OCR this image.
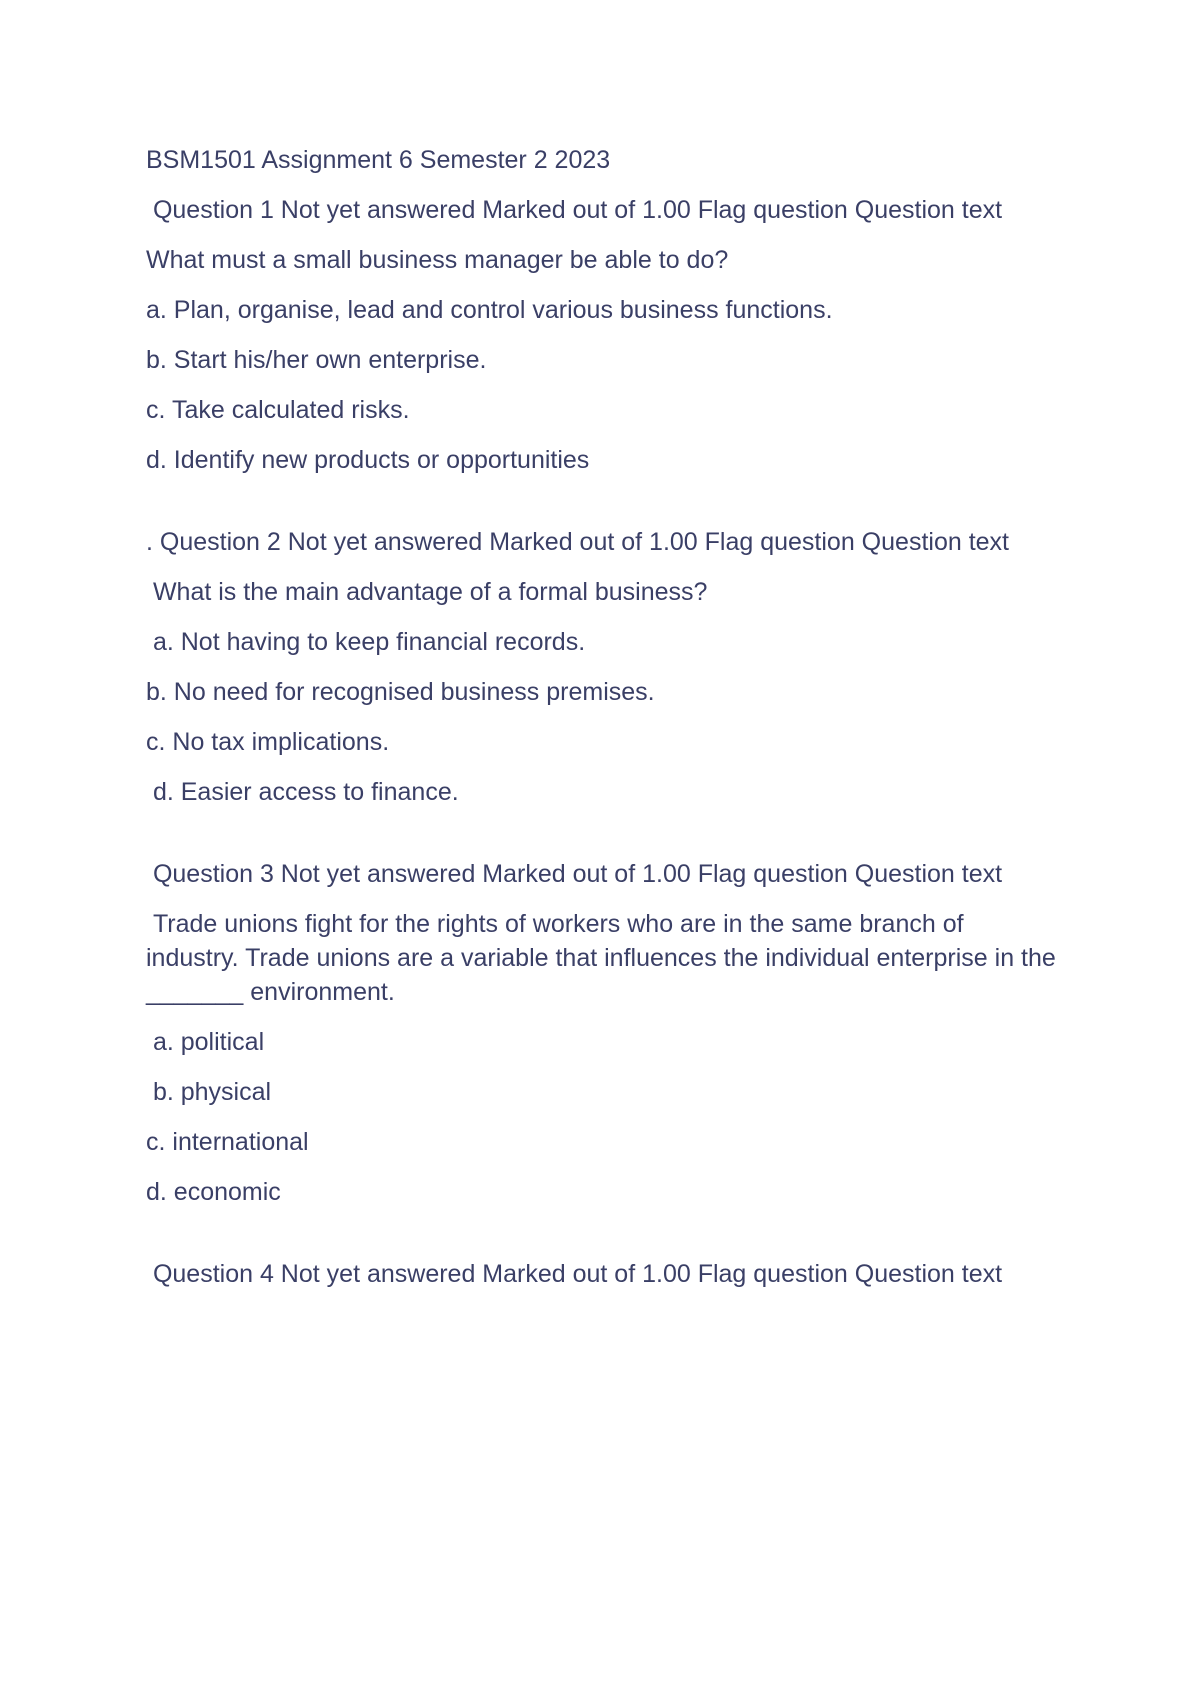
BSM1501 Assignment 6 Semester 2 2023

Question 1 Not yet answered Marked out of 1.00 Flag question Question text

What must a small business manager be able to do?

a. Plan, organise, lead and control various business functions.

b. Start his/her own enterprise.

c. Take calculated risks.

d. Identify new products or opportunities

. Question 2 Not yet answered Marked out of 1.00 Flag question Question text

What is the main advantage of a formal business?

a. Not having to keep financial records.

b. No need for recognised business premises.

c. No tax implications.

d. Easier access to finance.

Question 3 Not yet answered Marked out of 1.00 Flag question Question text

Trade unions fight for the rights of workers who are in the same branch of industry. Trade unions are a variable that influences the individual enterprise in the _______ environment.

a. political

b. physical

c. international

d. economic

Question 4 Not yet answered Marked out of 1.00 Flag question Question text
